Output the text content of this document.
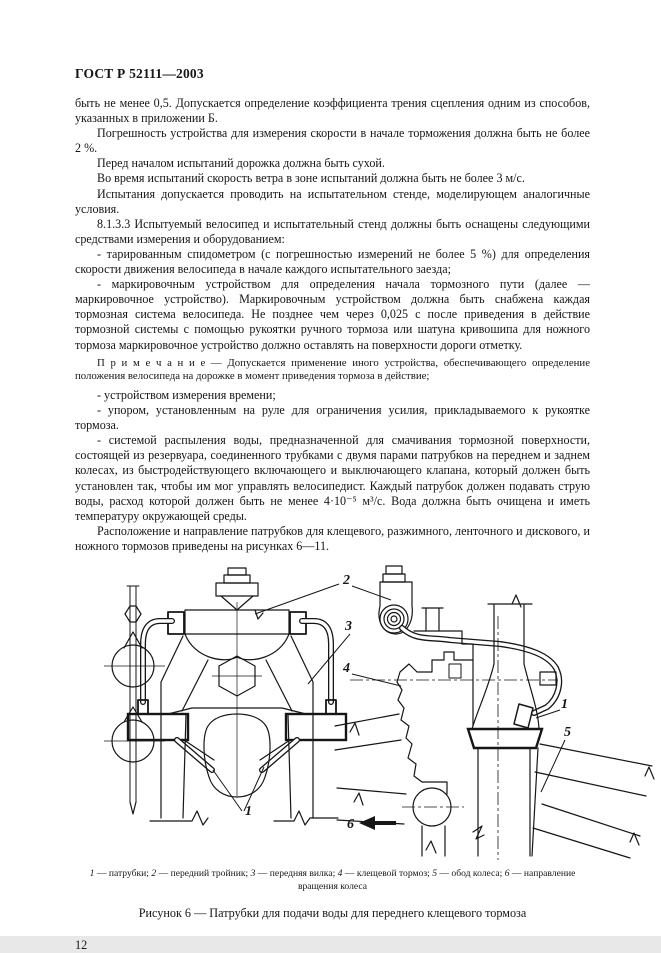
ГОСТ Р 52111—2003

быть не менее 0,5. Допускается определение коэффициента трения сцепления одним из способов, указанных в приложении Б.

Погрешность устройства для измерения скорости в начале торможения должна быть не более 2 %.

Перед началом испытаний дорожка должна быть сухой.

Во время испытаний скорость ветра в зоне испытаний должна быть не более 3 м/с.

Испытания допускается проводить на испытательном стенде, моделирующем аналогичные условия.

8.1.3.3 Испытуемый велосипед и испытательный стенд должны быть оснащены следующими средствами измерения и оборудованием:

- тарированным спидометром (с погрешностью измерений не более 5 %) для определения скорости движения велосипеда в начале каждого испытательного заезда;

- маркировочным устройством для определения начала тормозного пути (далее — маркировочное устройство). Маркировочным устройством должна быть снабжена каждая тормозная система велосипеда. Не позднее чем через 0,025 с после приведения в действие тормозной системы с помощью рукоятки ручного тормоза или шатуна кривошипа для ножного тормоза маркировочное устройство должно оставлять на поверхности дороги отметку.

П р и м е ч а н и е — Допускается применение иного устройства, обеспечивающего определение положения велосипеда на дорожке в момент приведения тормоза в действие;

- устройством измерения времени;

- упором, установленным на руле для ограничения усилия, прикладываемого к рукоятке тормоза.

- системой распыления воды, предназначенной для смачивания тормозной поверхности, состоящей из резервуара, соединенного трубками с двумя парами патрубков на переднем и заднем колесах, из быстродействующего включающего и выключающего клапана, который должен быть установлен так, чтобы им мог управлять велосипедист. Каждый патрубок должен подавать струю воды, расход которой должен быть не менее 4·10⁻⁵ м³/с. Вода должна быть очищена и иметь температуру окружающей среды.

Расположение и направление патрубков для клещевого, разжимного, ленточного и дискового, и ножного тормозов приведены на рисунках 6—11.

2
3
4
1
5
1
6
1 — патрубки; 2 — передний тройник; 3 — передняя вилка; 4 — клещевой тормоз; 5 — обод колеса; 6 — направление вращения колеса
Рисунок 6 — Патрубки для подачи воды для переднего клещевого тормоза
12
